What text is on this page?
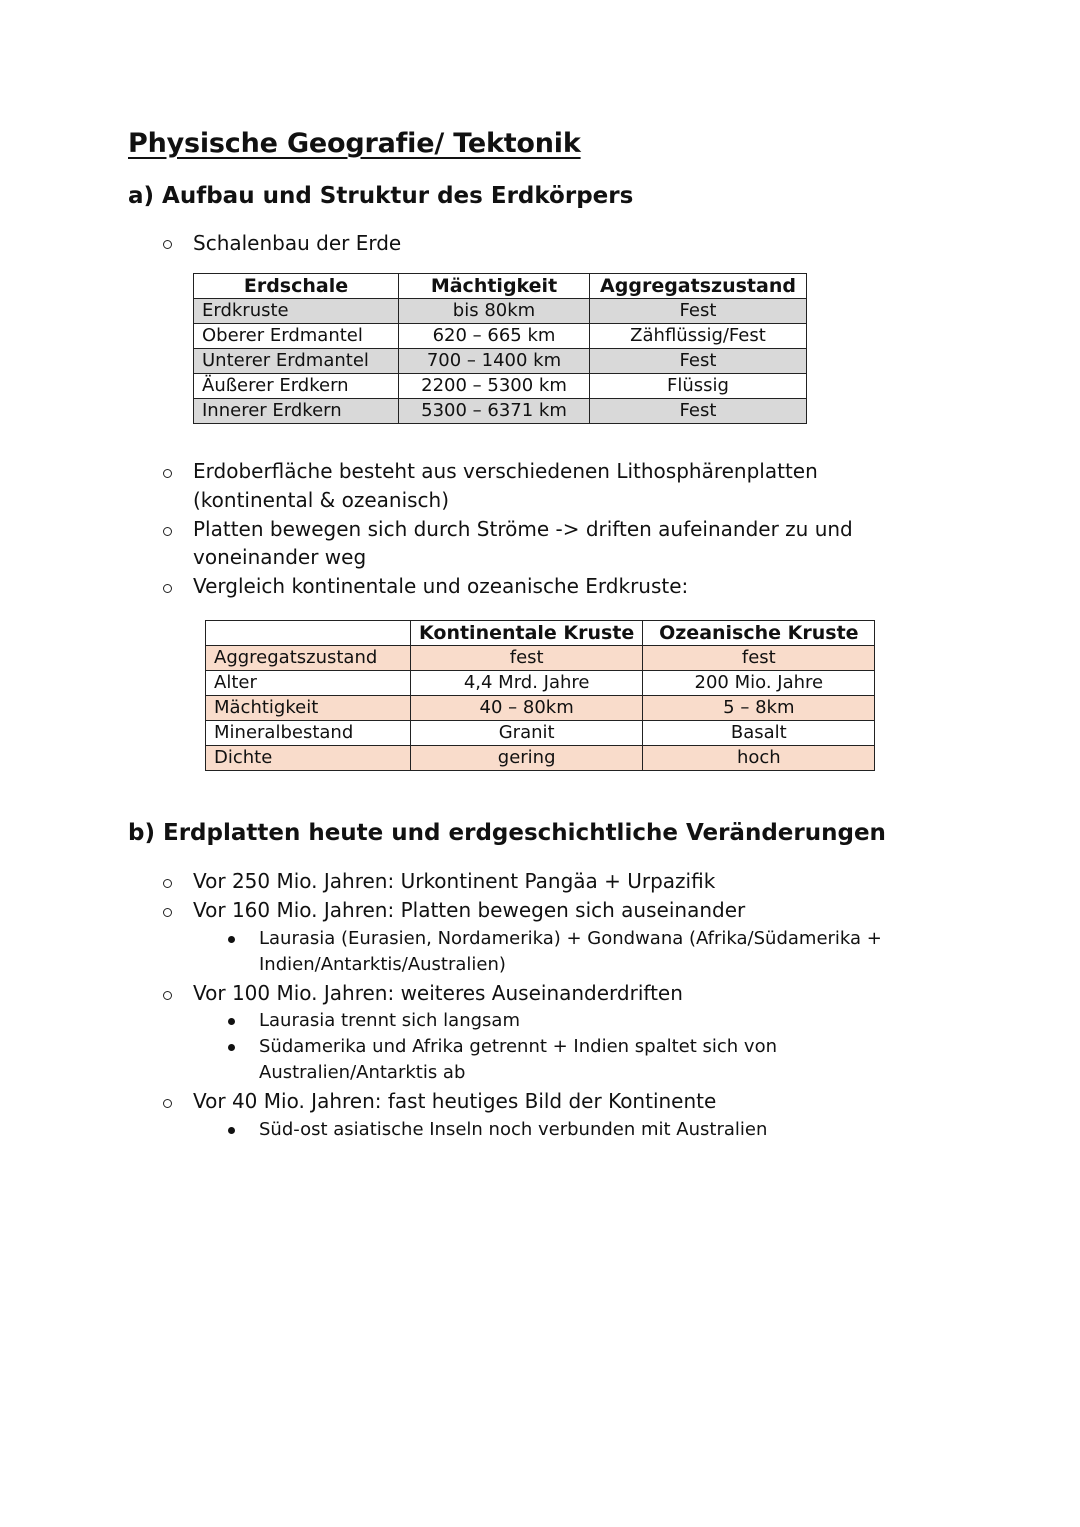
Physische Geografie/ Tektonik
a) Aufbau und Struktur des Erdkörpers
Schalenbau der Erde
Erdschale	Mächtigkeit	Aggregatszustand
Erdkruste	bis 80km	Fest
Oberer Erdmantel	620 – 665 km	Zähflüssig/Fest
Unterer Erdmantel	700 – 1400 km	Fest
Äußerer Erdkern	2200 – 5300 km	Flüssig
Innerer Erdkern	5300 – 6371 km	Fest
Erdoberfläche besteht aus verschiedenen Lithosphärenplatten
(kontinental & ozeanisch)
Platten bewegen sich durch Ströme -> driften aufeinander zu und
voneinander weg
Vergleich kontinentale und ozeanische Erdkruste:
	Kontinentale Kruste	Ozeanische Kruste
Aggregatszustand	fest	fest
Alter	4,4 Mrd. Jahre	200 Mio. Jahre
Mächtigkeit	40 – 80km	5 – 8km
Mineralbestand	Granit	Basalt
Dichte	gering	hoch
b) Erdplatten heute und erdgeschichtliche Veränderungen
Vor 250 Mio. Jahren: Urkontinent Pangäa + Urpazifik
Vor 160 Mio. Jahren: Platten bewegen sich auseinander
Laurasia (Eurasien, Nordamerika) + Gondwana (Afrika/Südamerika +
Indien/Antarktis/Australien)
Vor 100 Mio. Jahren: weiteres Auseinanderdriften
Laurasia trennt sich langsam
Südamerika und Afrika getrennt + Indien spaltet sich von
Australien/Antarktis ab
Vor 40 Mio. Jahren: fast heutiges Bild der Kontinente
Süd-ost asiatische Inseln noch verbunden mit Australien
